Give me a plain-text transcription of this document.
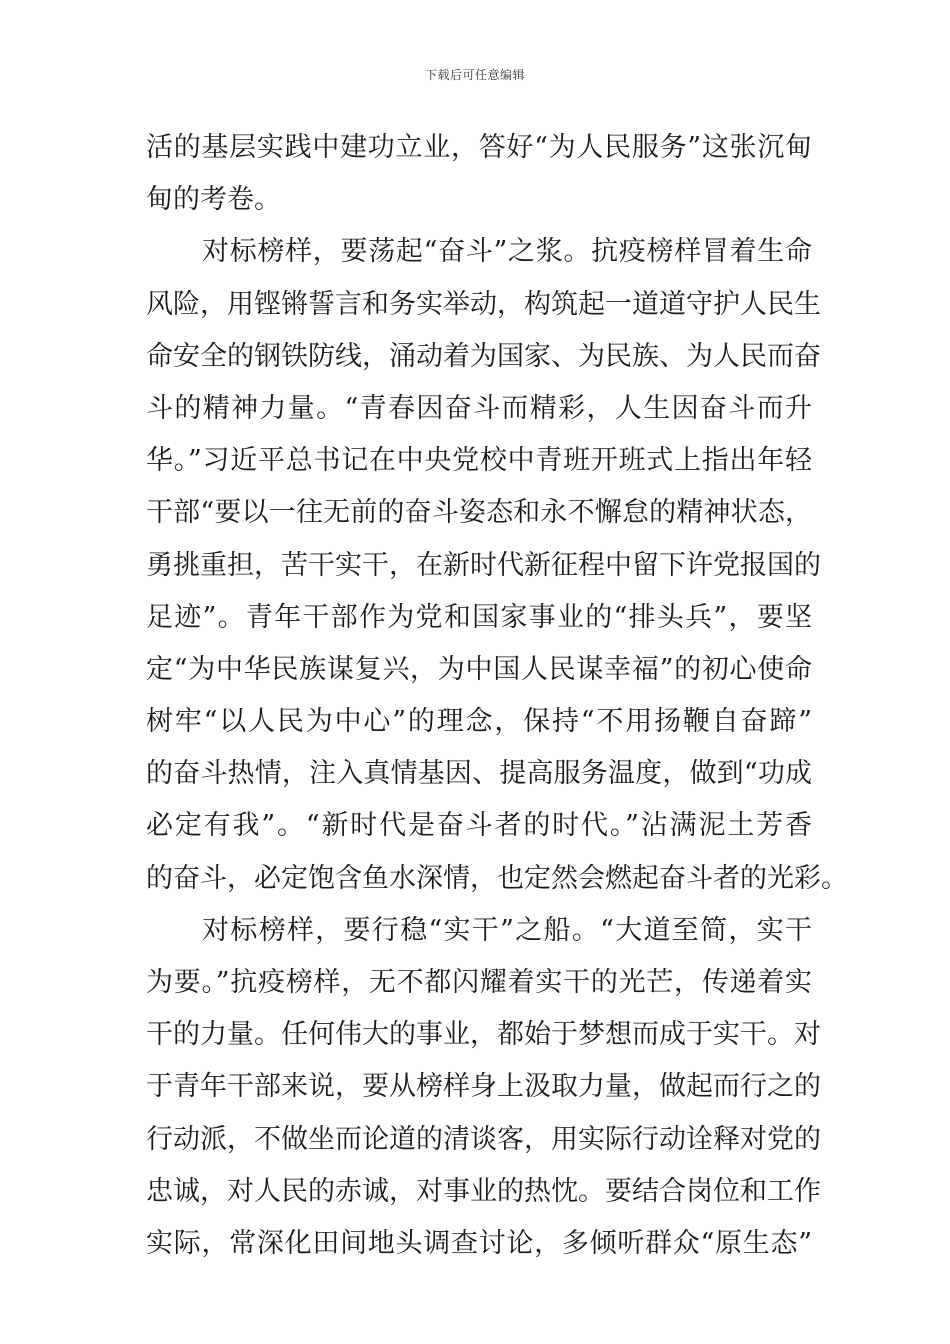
下载后可任意编辑
活的基层实践中建功立业，答好“为人民服务”这张沉甸
甸的考卷。
对标榜样，要荡起“奋斗”之浆。抗疫榜样冒着生命
风险，用铿锵誓言和务实举动，构筑起一道道守护人民生
命安全的钢铁防线，涌动着为国家、为民族、为人民而奋
斗的精神力量。“青春因奋斗而精彩，人生因奋斗而升
华。”习近平总书记在中央党校中青班开班式上指出年轻
干部“要以一往无前的奋斗姿态和永不懈怠的精神状态，
勇挑重担，苦干实干，在新时代新征程中留下许党报国的
足迹”。青年干部作为党和国家事业的“排头兵”，要坚
定“为中华民族谋复兴，为中国人民谋幸福”的初心使命
树牢“以人民为中心”的理念，保持“不用扬鞭自奋蹄”
的奋斗热情，注入真情基因、提高服务温度，做到“功成
必定有我”。“新时代是奋斗者的时代。”沾满泥土芳香
的奋斗，必定饱含鱼水深情，也定然会燃起奋斗者的光彩。
对标榜样，要行稳“实干”之船。“大道至简，实干
为要。”抗疫榜样，无不都闪耀着实干的光芒，传递着实
干的力量。任何伟大的事业，都始于梦想而成于实干。对
于青年干部来说，要从榜样身上汲取力量，做起而行之的
行动派，不做坐而论道的清谈客，用实际行动诠释对党的
忠诚，对人民的赤诚，对事业的热忱。要结合岗位和工作
实际，常深化田间地头调查讨论，多倾听群众“原生态”
